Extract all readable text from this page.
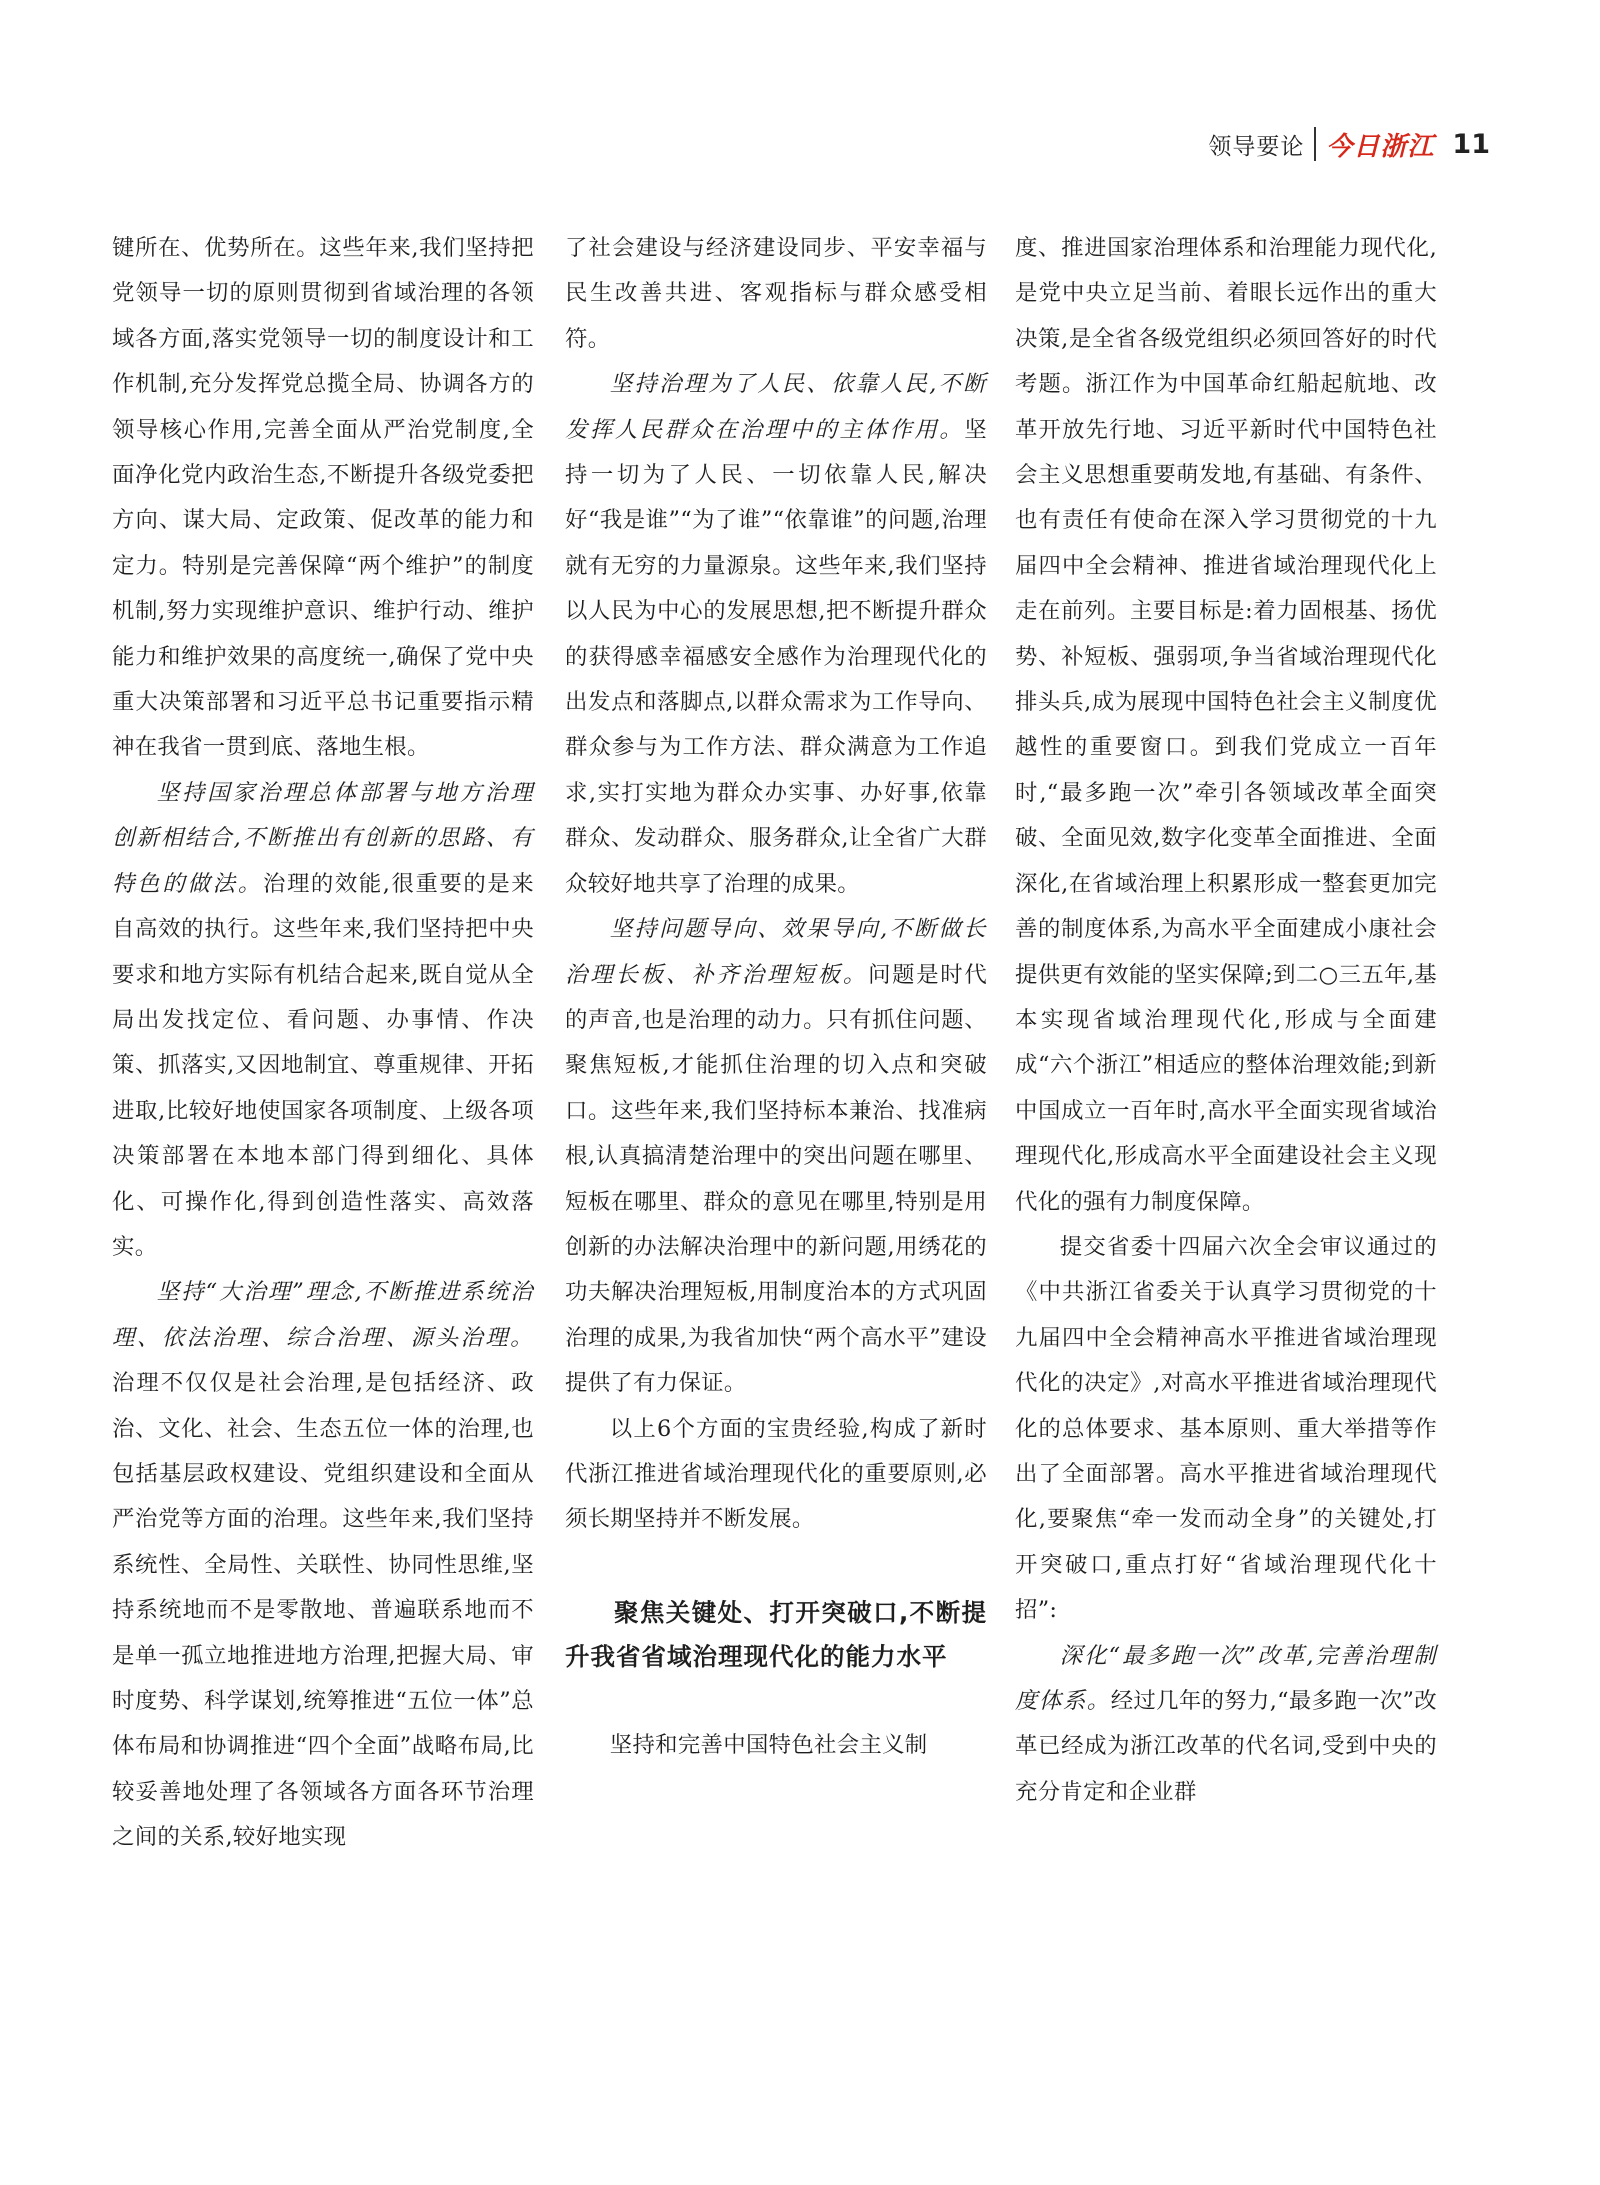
领导要论 今日浙江 11

键所在、优势所在。这些年来,我们坚持把党领导一切的原则贯彻到省域治理的各领域各方面,落实党领导一切的制度设计和工作机制,充分发挥党总揽全局、协调各方的领导核心作用,完善全面从严治党制度,全面净化党内政治生态,不断提升各级党委把方向、谋大局、定政策、促改革的能力和定力。特别是完善保障“两个维护”的制度机制,努力实现维护意识、维护行动、维护能力和维护效果的高度统一,确保了党中央重大决策部署和习近平总书记重要指示精神在我省一贯到底、落地生根。

坚持国家治理总体部署与地方治理创新相结合,不断推出有创新的思路、有特色的做法。治理的效能,很重要的是来自高效的执行。这些年来,我们坚持把中央要求和地方实际有机结合起来,既自觉从全局出发找定位、看问题、办事情、作决策、抓落实,又因地制宜、尊重规律、开拓进取,比较好地使国家各项制度、上级各项决策部署在本地本部门得到细化、具体化、可操作化,得到创造性落实、高效落实。

坚持“大治理”理念,不断推进系统治理、依法治理、综合治理、源头治理。治理不仅仅是社会治理,是包括经济、政治、文化、社会、生态五位一体的治理,也包括基层政权建设、党组织建设和全面从严治党等方面的治理。这些年来,我们坚持系统性、全局性、关联性、协同性思维,坚持系统地而不是零散地、普遍联系地而不是单一孤立地推进地方治理,把握大局、审时度势、科学谋划,统筹推进“五位一体”总体布局和协调推进“四个全面”战略布局,比较妥善地处理了各领域各方面各环节治理之间的关系,较好地实现

了社会建设与经济建设同步、平安幸福与民生改善共进、客观指标与群众感受相符。

坚持治理为了人民、依靠人民,不断发挥人民群众在治理中的主体作用。坚持一切为了人民、一切依靠人民,解决好“我是谁”“为了谁”“依靠谁”的问题,治理就有无穷的力量源泉。这些年来,我们坚持以人民为中心的发展思想,把不断提升群众的获得感幸福感安全感作为治理现代化的出发点和落脚点,以群众需求为工作导向、群众参与为工作方法、群众满意为工作追求,实打实地为群众办实事、办好事,依靠群众、发动群众、服务群众,让全省广大群众较好地共享了治理的成果。

坚持问题导向、效果导向,不断做长治理长板、补齐治理短板。问题是时代的声音,也是治理的动力。只有抓住问题、聚焦短板,才能抓住治理的切入点和突破口。这些年来,我们坚持标本兼治、找准病根,认真搞清楚治理中的突出问题在哪里、短板在哪里、群众的意见在哪里,特别是用创新的办法解决治理中的新问题,用绣花的功夫解决治理短板,用制度治本的方式巩固治理的成果,为我省加快“两个高水平”建设提供了有力保证。

以上6个方面的宝贵经验,构成了新时代浙江推进省域治理现代化的重要原则,必须长期坚持并不断发展。

聚焦关键处、打开突破口,不断提升我省省域治理现代化的能力水平

坚持和完善中国特色社会主义制

度、推进国家治理体系和治理能力现代化,是党中央立足当前、着眼长远作出的重大决策,是全省各级党组织必须回答好的时代考题。浙江作为中国革命红船起航地、改革开放先行地、习近平新时代中国特色社会主义思想重要萌发地,有基础、有条件、也有责任有使命在深入学习贯彻党的十九届四中全会精神、推进省域治理现代化上走在前列。主要目标是:着力固根基、扬优势、补短板、强弱项,争当省域治理现代化排头兵,成为展现中国特色社会主义制度优越性的重要窗口。到我们党成立一百年时,“最多跑一次”牵引各领域改革全面突破、全面见效,数字化变革全面推进、全面深化,在省域治理上积累形成一整套更加完善的制度体系,为高水平全面建成小康社会提供更有效能的坚实保障;到二○三五年,基本实现省域治理现代化,形成与全面建成“六个浙江”相适应的整体治理效能;到新中国成立一百年时,高水平全面实现省域治理现代化,形成高水平全面建设社会主义现代化的强有力制度保障。

提交省委十四届六次全会审议通过的《中共浙江省委关于认真学习贯彻党的十九届四中全会精神高水平推进省域治理现代化的决定》,对高水平推进省域治理现代化的总体要求、基本原则、重大举措等作出了全面部署。高水平推进省域治理现代化,要聚焦“牵一发而动全身”的关键处,打开突破口,重点打好“省域治理现代化十招”:

深化“最多跑一次”改革,完善治理制度体系。经过几年的努力,“最多跑一次”改革已经成为浙江改革的代名词,受到中央的充分肯定和企业群
